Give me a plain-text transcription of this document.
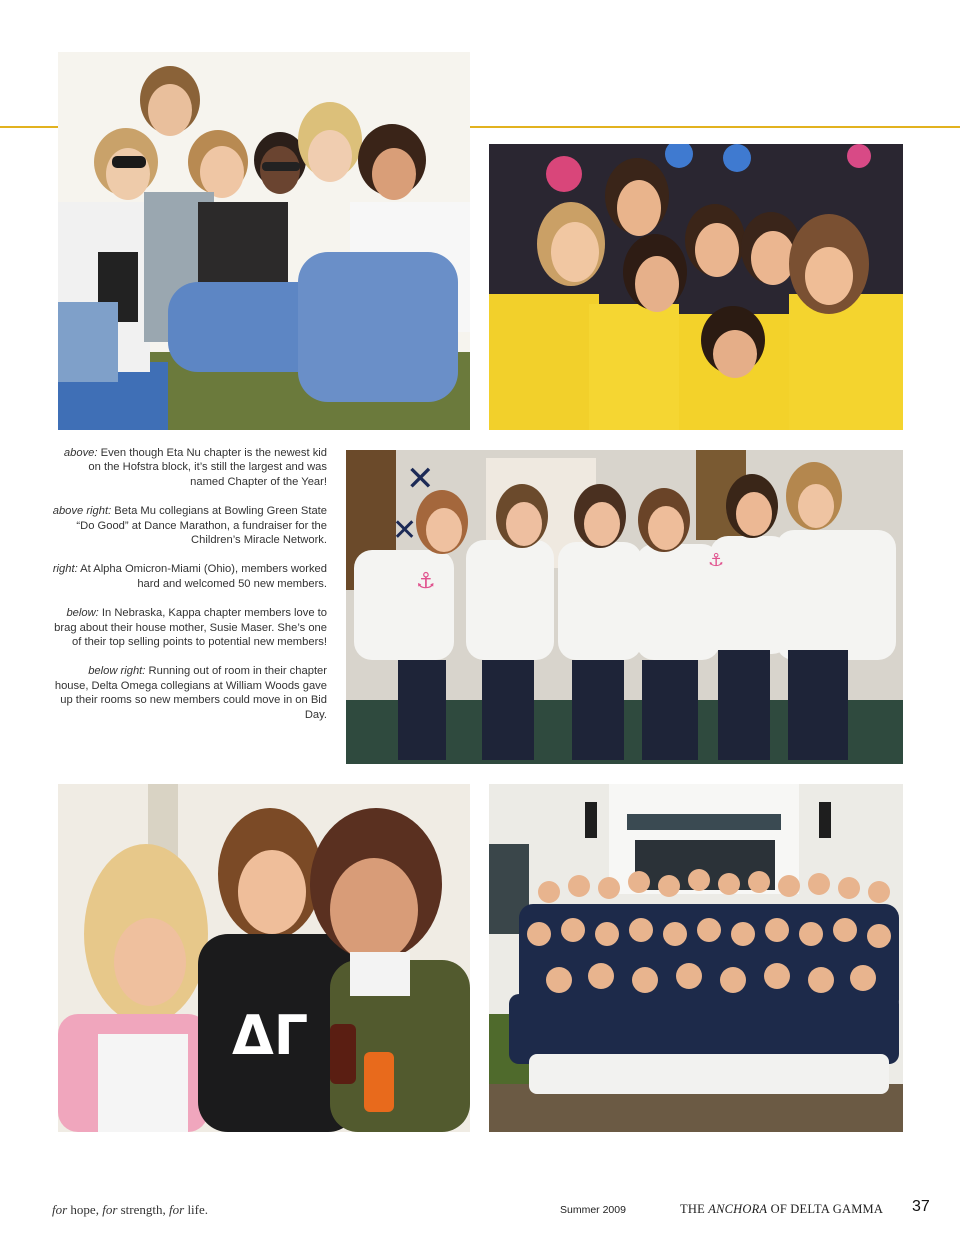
above: Even though Eta Nu chapter is the newest kid on the Hofstra block, it’s still the largest and was named Chapter of the Year!

above right: Beta Mu collegians at Bowling Green State “Do Good” at Dance Marathon, a fundraiser for the Children’s Miracle Network.

right: At Alpha Omicron-Miami (Ohio), members worked hard and welcomed 50 new members.

below: In Nebraska, Kappa chapter members love to brag about their house mother, Susie Maser. She’s one of their top selling points to potential new members!

below right: Running out of room in their chapter house, Delta Omega collegians at William Woods gave up their rooms so new members could move in on Bid Day.

✕
✕
⚓
⚓
ΔΓ
for hope, for strength, for life.	Summer 2009	THE ANCHORA OF DELTA GAMMA 37
